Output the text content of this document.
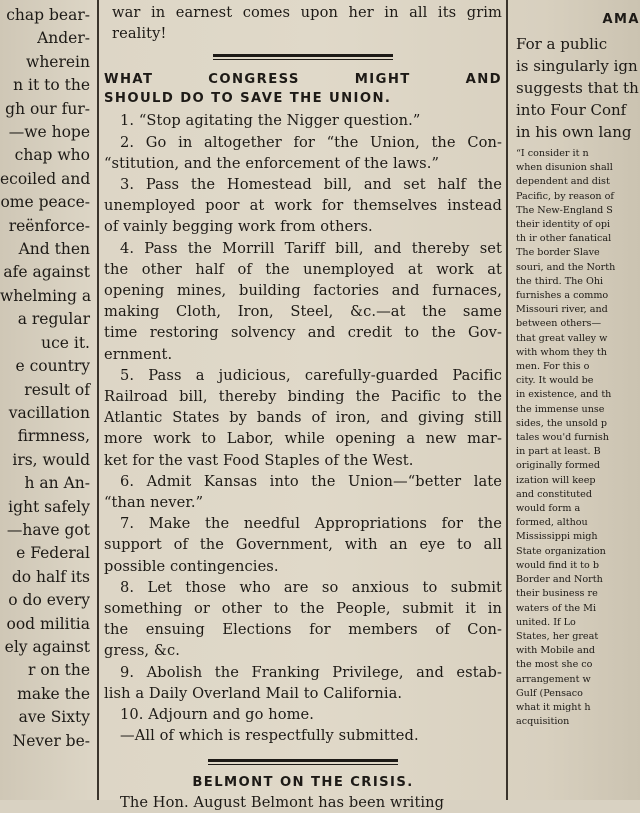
chap bear-
Ander-
wherein
n it to the
gh our fur-
—we hope
chap who
ecoiled and
ome peace-
reënforce-
And then
afe against
whelming a
a regular
uce it.
e country
result of
vacillation
firmness,
irs, would
h an An-
ight safely
—have got
e Federal
do half its
o do every
ood militia
ely against
r on the
make the
ave Sixty
Never be-
war in earnest comes upon her in all its grim
reality!
WHAT CONGRESS MIGHT AND
SHOULD DO TO SAVE THE UNION.
1. “Stop agitating the Nigger question.”
2. Go in altogether for “the Union, the Con-
“stitution, and the enforcement of the laws.”
3. Pass the Homestead bill, and set half the
unemployed poor at work for themselves instead
of vainly begging work from others.
4. Pass the Morrill Tariff bill, and thereby set
the other half of the unemployed at work at
opening mines, building factories and furnaces,
making Cloth, Iron, Steel, &c.—at the same
time restoring solvency and credit to the Gov-
ernment.
5. Pass a judicious, carefully-guarded Pacific
Railroad bill, thereby binding the Pacific to the
Atlantic States by bands of iron, and giving still
more work to Labor, while opening a new mar-
ket for the vast Food Staples of the West.
6. Admit Kansas into the Union—“better late
“than never.”
7. Make the needful Appropriations for the
support of the Government, with an eye to all
possible contingencies.
8. Let those who are so anxious to submit
something or other to the People, submit it in
the ensuing Elections for members of Con-
gress, &c.
9. Abolish the Franking Privilege, and estab-
lish a Daily Overland Mail to California.
10. Adjourn and go home.
—All of which is respectfully submitted.
BELMONT ON THE CRISIS.
The Hon. August Belmont has been writing
AMA
For a public
is singularly ign
suggests that th
into Four Conf
in his own lang
“I consider it n
when disunion shall
dependent and dist
Pacific, by reason of
The New-England S
their identity of opi
th ir other fanatical
The border Slave
souri, and the North
the third. The Ohi
furnishes a commo
Missouri river, and
between others—
that great valley w
with whom they th
men. For this o
city. It would be
in existence, and th
the immense unse
sides, the unsold p
tales wou'd furnish
in part at least. B
originally formed
ization will keep
and constituted
would form a
formed, althou
Mississippi migh
State organization
would find it to b
Border and North
their business re
waters of the Mi
united. If Lo
States, her great
with Mobile and
the most she co
arrangement w
Gulf (Pensaco
what it might h
acquisition
